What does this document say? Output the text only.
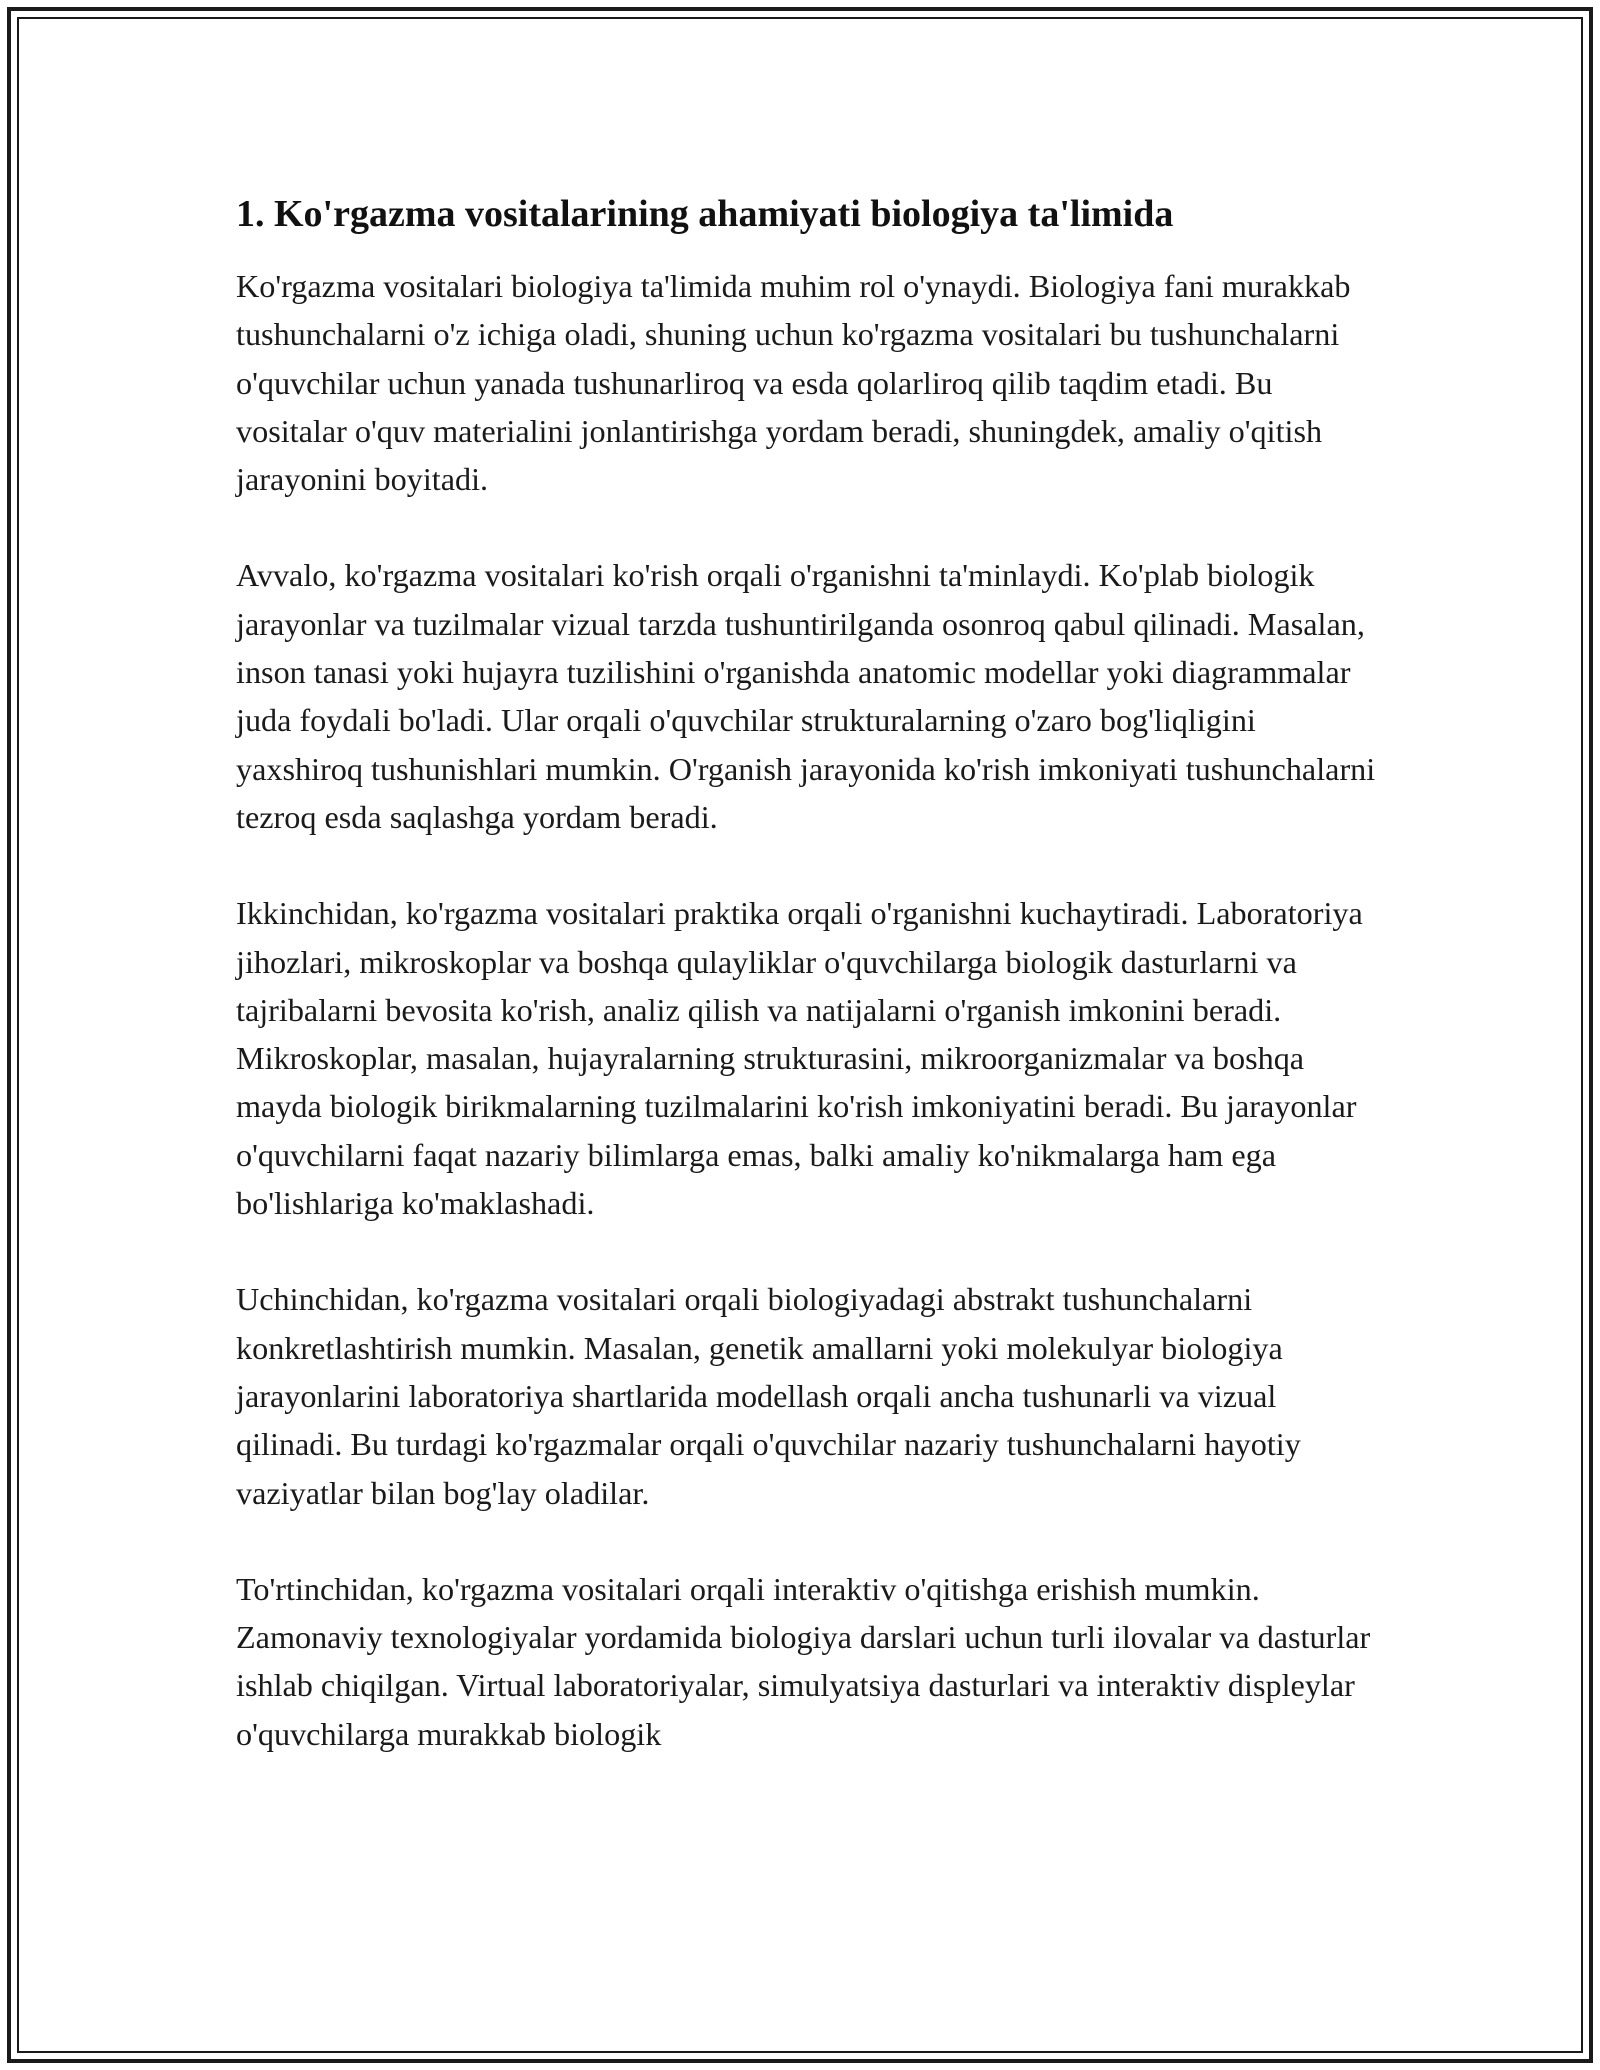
1. Ko'rgazma vositalarining ahamiyati biologiya ta'limida

Ko'rgazma vositalari biologiya ta'limida muhim rol o'ynaydi. Biologiya fani murakkab tushunchalarni o'z ichiga oladi, shuning uchun ko'rgazma vositalari bu tushunchalarni o'quvchilar uchun yanada tushunarliroq va esda qolarliroq qilib taqdim etadi. Bu vositalar o'quv materialini jonlantirishga yordam beradi, shuningdek, amaliy o'qitish jarayonini boyitadi.

Avvalo, ko'rgazma vositalari ko'rish orqali o'rganishni ta'minlaydi. Ko'plab biologik jarayonlar va tuzilmalar vizual tarzda tushuntirilganda osonroq qabul qilinadi. Masalan, inson tanasi yoki hujayra tuzilishini o'rganishda anatomic modellar yoki diagrammalar juda foydali bo'ladi. Ular orqali o'quvchilar strukturalarning o'zaro bog'liqligini yaxshiroq tushunishlari mumkin. O'rganish jarayonida ko'rish imkoniyati tushunchalarni tezroq esda saqlashga yordam beradi.

Ikkinchidan, ko'rgazma vositalari praktika orqali o'rganishni kuchaytiradi. Laboratoriya jihozlari, mikroskoplar va boshqa qulayliklar o'quvchilarga biologik dasturlarni va tajribalarni bevosita ko'rish, analiz qilish va natijalarni o'rganish imkonini beradi. Mikroskoplar, masalan, hujayralarning strukturasini, mikroorganizmalar va boshqa mayda biologik birikmalarning tuzilmalarini ko'rish imkoniyatini beradi. Bu jarayonlar o'quvchilarni faqat nazariy bilimlarga emas, balki amaliy ko'nikmalarga ham ega bo'lishlariga ko'maklashadi.

Uchinchidan, ko'rgazma vositalari orqali biologiyadagi abstrakt tushunchalarni konkretlashtirish mumkin. Masalan, genetik amallarni yoki molekulyar biologiya jarayonlarini laboratoriya shartlarida modellash orqali ancha tushunarli va vizual qilinadi. Bu turdagi ko'rgazmalar orqali o'quvchilar nazariy tushunchalarni hayotiy vaziyatlar bilan bog'lay oladilar.

To'rtinchidan, ko'rgazma vositalari orqali interaktiv o'qitishga erishish mumkin. Zamonaviy texnologiyalar yordamida biologiya darslari uchun turli ilovalar va dasturlar ishlab chiqilgan. Virtual laboratoriyalar, simulyatsiya dasturlari va interaktiv displeylar o'quvchilarga murakkab biologik
